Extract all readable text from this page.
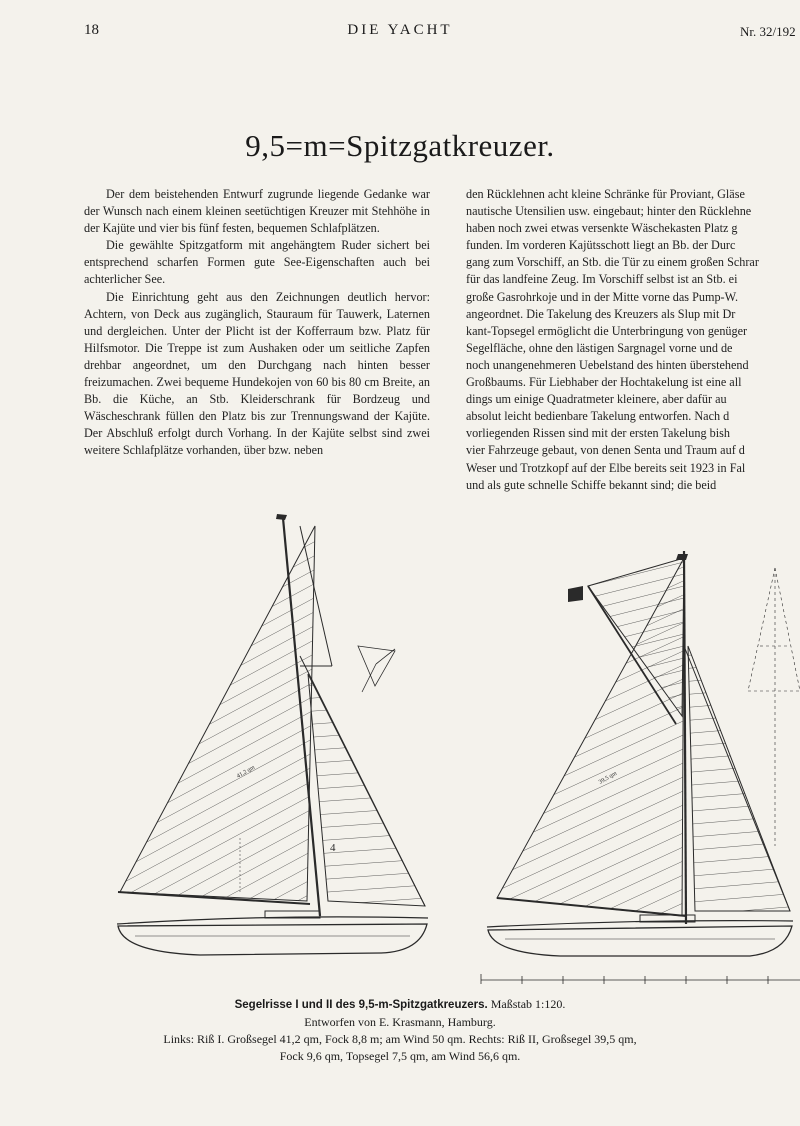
18	DIE YACHT	Nr. 32/192
9,5=m=Spitzgatkreuzer.

Der dem beistehenden Entwurf zugrunde liegende Gedanke war der Wunsch nach einem kleinen seetüchtigen Kreuzer mit Stehhöhe in der Kajüte und vier bis fünf festen, bequemen Schlafplätzen.

Die gewählte Spitzgatform mit angehängtem Ruder sichert bei entsprechend scharfen Formen gute See-Eigenschaften auch bei achterlicher See.

Die Einrichtung geht aus den Zeichnungen deutlich hervor: Achtern, von Deck aus zugänglich, Stauraum für Tauwerk, Laternen und dergleichen. Unter der Plicht ist der Kofferraum bzw. Platz für Hilfsmotor. Die Treppe ist zum Aushaken oder um seitliche Zapfen drehbar angeordnet, um den Durchgang nach hinten besser freizumachen. Zwei bequeme Hundekojen von 60 bis 80 cm Breite, an Bb. die Küche, an Stb. Kleiderschrank für Bordzeug und Wäscheschrank füllen den Platz bis zur Trennungswand der Kajüte. Der Abschluß erfolgt durch Vorhang. In der Kajüte selbst sind zwei weitere Schlafplätze vorhanden, über bzw. neben

den Rücklehnen acht kleine Schränke für Proviant, Gläse

nautische Utensilien usw. eingebaut; hinter den Rücklehne

haben noch zwei etwas versenkte Wäschekasten Platz g

funden. Im vorderen Kajütsschott liegt an Bb. der Durc

gang zum Vorschiff, an Stb. die Tür zu einem großen Schrar

für das landfeine Zeug. Im Vorschiff selbst ist an Stb. ei

große Gasrohrkoje und in der Mitte vorne das Pump-W.

angeordnet. Die Takelung des Kreuzers als Slup mit Dr

kant-Topsegel ermöglicht die Unterbringung von genüger

Segelfläche, ohne den lästigen Sargnagel vorne und de

noch unangenehmeren Uebelstand des hinten überstehend

Großbaums. Für Liebhaber der Hochtakelung ist eine all

dings um einige Quadratmeter kleinere, aber dafür au

absolut leicht bedienbare Takelung entworfen. Nach d

vorliegenden Rissen sind mit der ersten Takelung bish

vier Fahrzeuge gebaut, von denen Senta und Traum auf d

Weser und Trotzkopf auf der Elbe bereits seit 1923 in Fal

und als gute schnelle Schiffe bekannt sind; die beid

4
41,2 qm	39,5 qm
Segelrisse I und II des 9,5-m-Spitzgatkreuzers. Maßstab 1:120.
Entworfen von E. Krasmann, Hamburg.
Links: Riß I. Großsegel 41,2 qm, Fock 8,8 m; am Wind 50 qm. Rechts: Riß II, Großsegel 39,5 qm,
Fock 9,6 qm, Topsegel 7,5 qm, am Wind 56,6 qm.
